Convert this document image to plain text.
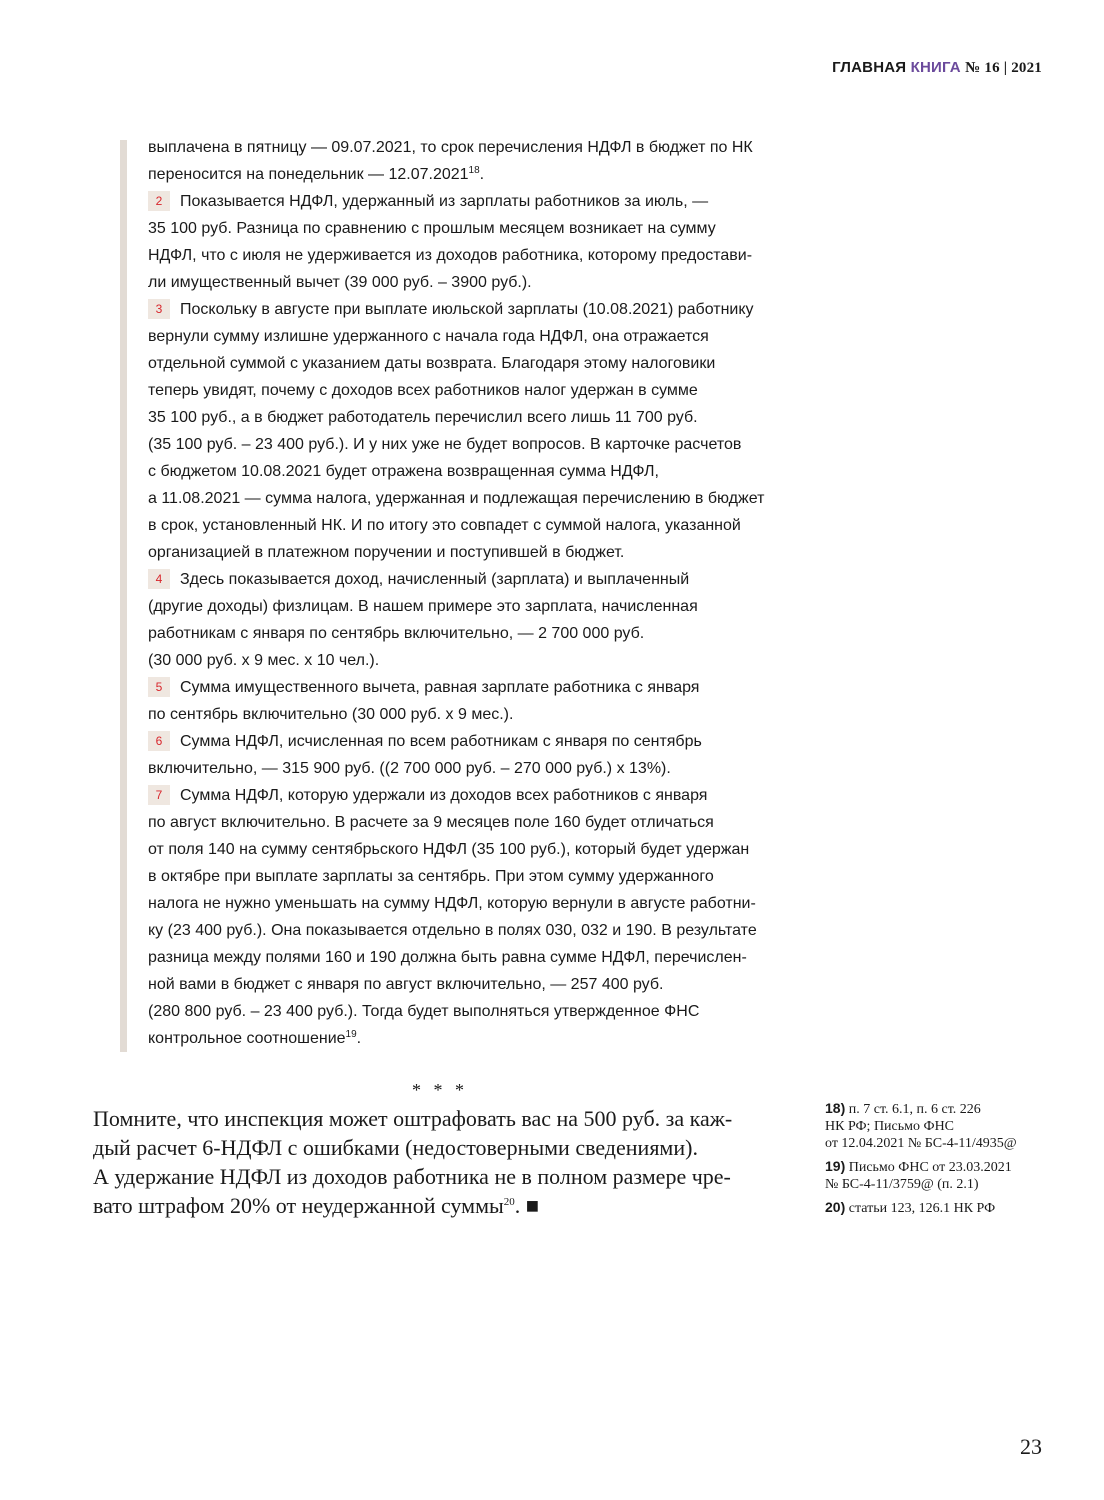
ГЛАВНАЯ КНИГА № 16 | 2021
выплачена в пятницу — 09.07.2021, то срок перечисления НДФЛ в бюджет по НК
переносится на понедельник — 12.07.2021$^{18}$.
2 Показывается НДФЛ, удержанный из зарплаты работников за июль, —
35 100 руб. Разница по сравнению с прошлым месяцем возникает на сумму
НДФЛ, что с июля не удерживается из доходов работника, которому предостави-
ли имущественный вычет (39 000 руб. – 3900 руб.).
3 Поскольку в августе при выплате июльской зарплаты (10.08.2021) работнику
вернули сумму излишне удержанного с начала года НДФЛ, она отражается
отдельной суммой с указанием даты возврата. Благодаря этому налоговики
теперь увидят, почему с доходов всех работников налог удержан в сумме
35 100 руб., а в бюджет работодатель перечислил всего лишь 11 700 руб.
(35 100 руб. – 23 400 руб.). И у них уже не будет вопросов. В карточке расчетов
с бюджетом 10.08.2021 будет отражена возвращенная сумма НДФЛ,
а 11.08.2021 — сумма налога, удержанная и подлежащая перечислению в бюджет
в срок, установленный НК. И по итогу это совпадет с суммой налога, указанной
организацией в платежном поручении и поступившей в бюджет.
4 Здесь показывается доход, начисленный (зарплата) и выплаченный
(другие доходы) физлицам. В нашем примере это зарплата, начисленная
работникам с января по сентябрь включительно, — 2 700 000 руб.
(30 000 руб. х 9 мес. х 10 чел.).
5 Сумма имущественного вычета, равная зарплате работника с января
по сентябрь включительно (30 000 руб. х 9 мес.).
6 Сумма НДФЛ, исчисленная по всем работникам с января по сентябрь
включительно, — 315 900 руб. ((2 700 000 руб. – 270 000 руб.) х 13%).
7 Сумма НДФЛ, которую удержали из доходов всех работников с января
по август включительно. В расчете за 9 месяцев поле 160 будет отличаться
от поля 140 на сумму сентябрьского НДФЛ (35 100 руб.), который будет удержан
в октябре при выплате зарплаты за сентябрь. При этом сумму удержанного
налога не нужно уменьшать на сумму НДФЛ, которую вернули в августе работни-
ку (23 400 руб.). Она показывается отдельно в полях 030, 032 и 190. В результате
разница между полями 160 и 190 должна быть равна сумме НДФЛ, перечислен-
ной вами в бюджет с января по август включительно, — 257 400 руб.
(280 800 руб. – 23 400 руб.). Тогда будет выполняться утвержденное ФНС
контрольное соотношение$^{19}$.
* * *
Помните, что инспекция может оштрафовать вас на 500 руб. за каж-
дый расчет 6-НДФЛ с ошибками (недостоверными сведениями).
А удержание НДФЛ из доходов работника не в полном размере чре-
вато штрафом 20% от неудержанной суммы$^{20}$. ■
18) п. 7 ст. 6.1, п. 6 ст. 226
НК РФ; Письмо ФНС
от 12.04.2021 № БС-4-11/4935@
19) Письмо ФНС от 23.03.2021
№ БС-4-11/3759@ (п. 2.1)
20) статьи 123, 126.1 НК РФ
23
